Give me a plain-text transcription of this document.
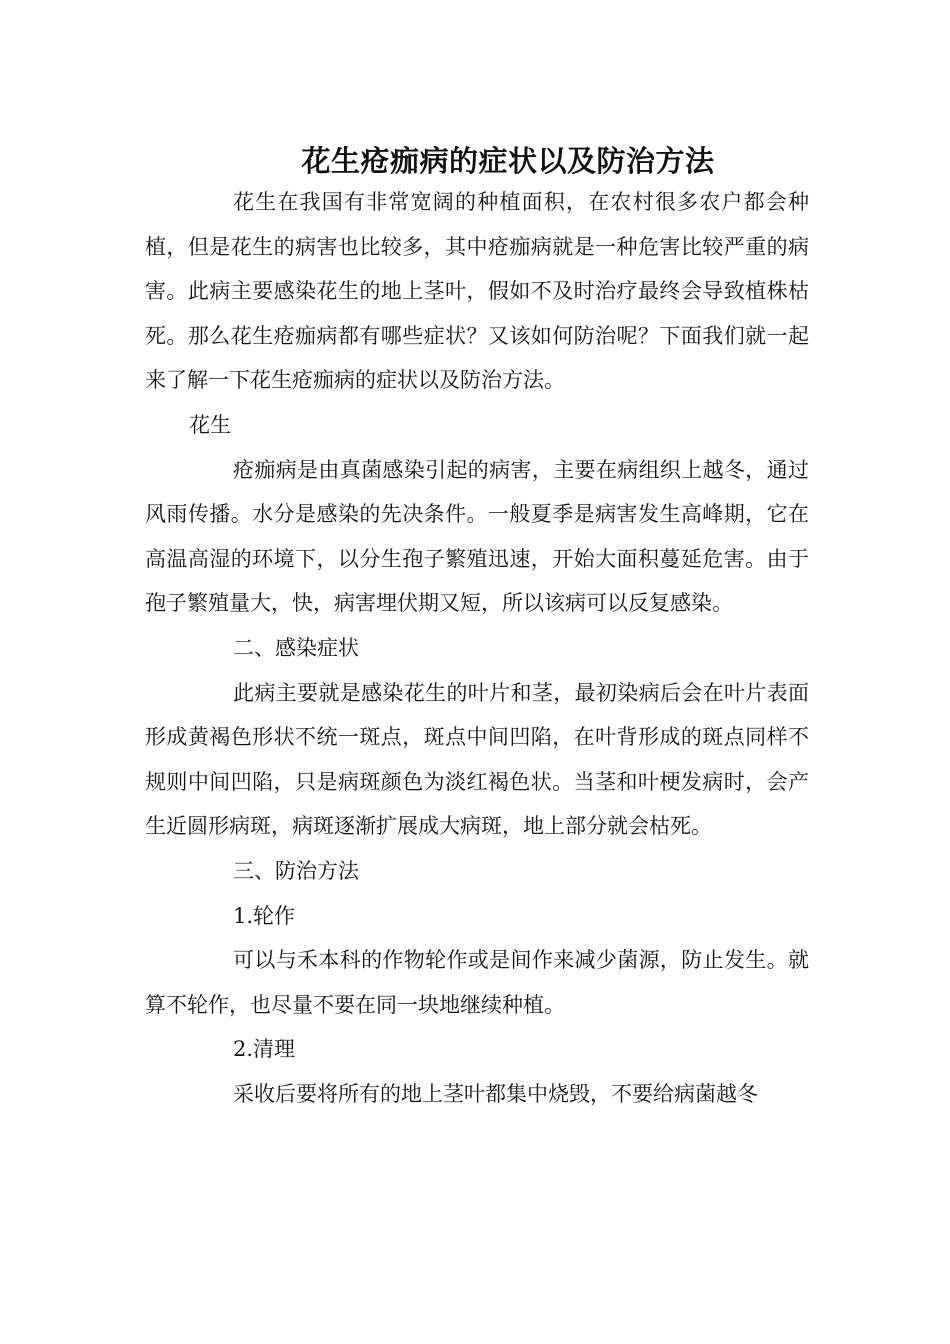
花生疮痂病的症状以及防治方法

花生在我国有非常宽阔的种植面积，在农村很多农户都会种植，但是花生的病害也比较多，其中疮痂病就是一种危害比较严重的病害。此病主要感染花生的地上茎叶，假如不及时治疗最终会导致植株枯死。那么花生疮痂病都有哪些症状？又该如何防治呢？下面我们就一起来了解一下花生疮痂病的症状以及防治方法。

花生

疮痂病是由真菌感染引起的病害，主要在病组织上越冬，通过风雨传播。水分是感染的先决条件。一般夏季是病害发生高峰期，它在高温高湿的环境下，以分生孢子繁殖迅速，开始大面积蔓延危害。由于孢子繁殖量大，快，病害埋伏期又短，所以该病可以反复感染。

二、感染症状

此病主要就是感染花生的叶片和茎，最初染病后会在叶片表面形成黄褐色形状不统一斑点，斑点中间凹陷，在叶背形成的斑点同样不规则中间凹陷，只是病斑颜色为淡红褐色状。当茎和叶梗发病时，会产生近圆形病斑，病斑逐渐扩展成大病斑，地上部分就会枯死。

三、防治方法

1.轮作

可以与禾本科的作物轮作或是间作来减少菌源，防止发生。就算不轮作，也尽量不要在同一块地继续种植。

2.清理

采收后要将所有的地上茎叶都集中烧毁，不要给病菌越冬
